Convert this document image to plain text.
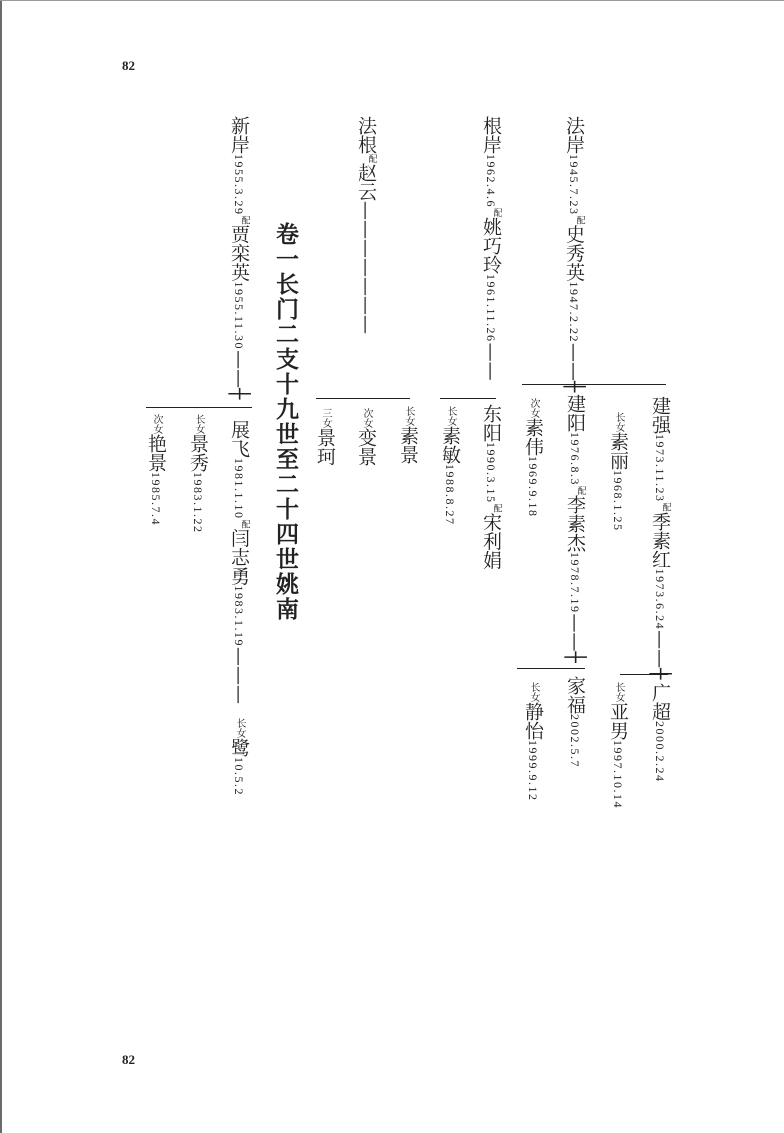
82
82
卷一长门二支十九世至二十四世姚南
法岸1945.7.23配史秀英1947.2.22——┼
建强1973.11.23配季素红1973.6.24——┼
广超2000.2.24
长女素丽1968.1.25
长女亚男1997.10.14
建阳1976.8.3配李素杰1978.7.19——┼
家福2002.5.7
次女素伟1969.9.18
长女静怡1999.9.12
根岸1962.4.6配姚巧玲1961.11.26——
东阳1990.3.15配宋利娟
长女素敏1988.8.27
法根配赵云———————
长女素景
次女变景
三女景珂
新岸1955.3.29配贾栾英1955.11.30——┼
展飞1981.1.10配闫志勇1983.1.19———
长女鹭10.5.2
长女景秀1983.1.22
次女艳景1985.7.4
